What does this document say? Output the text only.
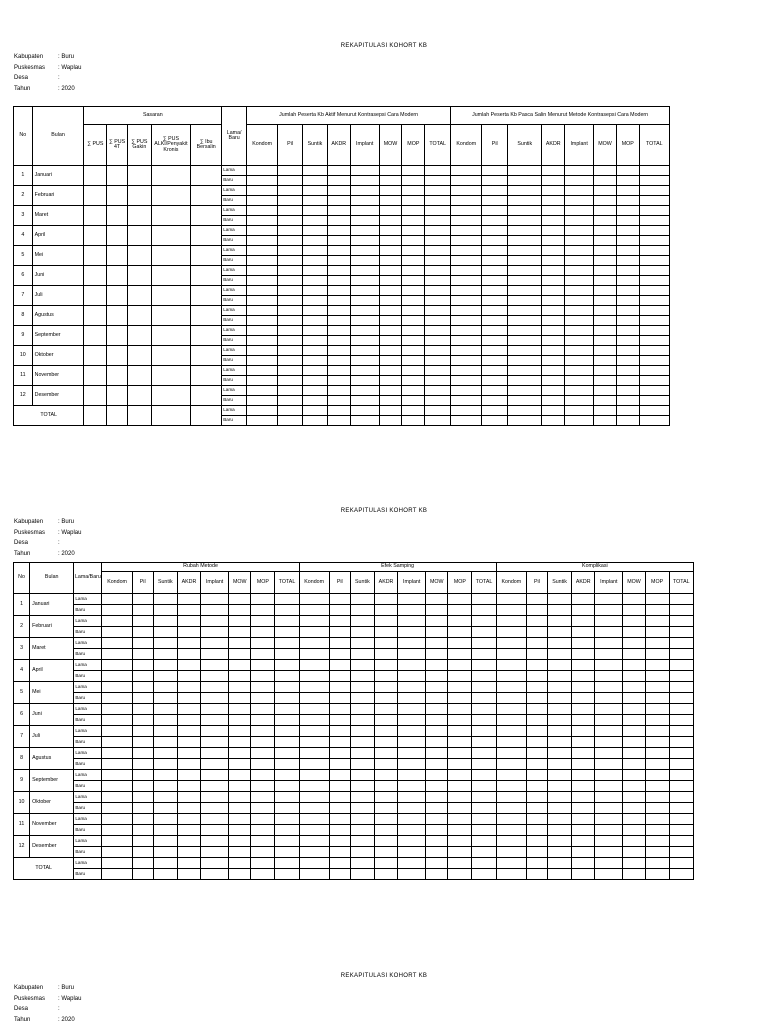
REKAPITULASI KOHORT KB
Kabupaten : Buru
Puskesmas : Waplau
Desa	:
Tahun	: 2020
No	Bulan	Sasaran					Lama/ Baru	Jumlah Peserta Kb Aktif Menurut Kontrasepsi Cara Modern								Jumlah Peserta Kb Pasca Salin Menurut Metode Kontrasepsi Cara Modern							
		∑ PUS	∑ PUS 4T	∑ PUS Gakin	∑ PUS ALKI/Penyakit Kronis	∑ Ibu Bersalin		Kondom	Pil	Suntik	AKDR	Implant	MOW	MOP	TOTAL	Kondom	Pil	Suntik	AKDR	Implant	MOW	MOP	TOTAL
1	Januari						Lama																
							Baru																
2	Februari						Lama																
							Baru																
3	Maret						Lama																
							Baru																
4	April						Lama																
							Baru																
5	Mei						Lama																
							Baru																
6	Juni						Lama																
							Baru																
7	Juli						Lama																
							Baru																
8	Agustus						Lama																
							Baru																
9	September						Lama																
							Baru																
10	Oktober						Lama																
							Baru																
11	November						Lama																
							Baru																
12	Desember						Lama																
							Baru																
TOTAL							Lama																
							Baru																
REKAPITULASI KOHORT KB
Kabupaten : Buru
Puskesmas : Waplau
Desa	:
Tahun	: 2020
No	Bulan	Lama/Baru	Rubah Metode								Efek Samping								Komplikasi							
			Kondom	Pil	Suntik	AKDR	Implant	MOW	MOP	TOTAL	Kondom	Pil	Suntik	AKDR	Implant	MOW	MOP	TOTAL	Kondom	Pil	Suntik	AKDR	Implant	MOW	MOP	TOTAL
1	Januari	Lama																								
		Baru																								
2	Februari	Lama																								
		Baru																								
3	Maret	Lama																								
		Baru																								
4	April	Lama																								
		Baru																								
5	Mei	Lama																								
		Baru																								
6	Juni	Lama																								
		Baru																								
7	Juli	Lama																								
		Baru																								
8	Agustus	Lama																								
		Baru																								
9	September	Lama																								
		Baru																								
10	Oktober	Lama																								
		Baru																								
11	November	Lama																								
		Baru																								
12	Desember	Lama																								
		Baru																								
TOTAL		Lama																								
		Baru																								
REKAPITULASI KOHORT KB
Kabupaten : Buru
Puskesmas : Waplau
Desa	:
Tahun	: 2020
